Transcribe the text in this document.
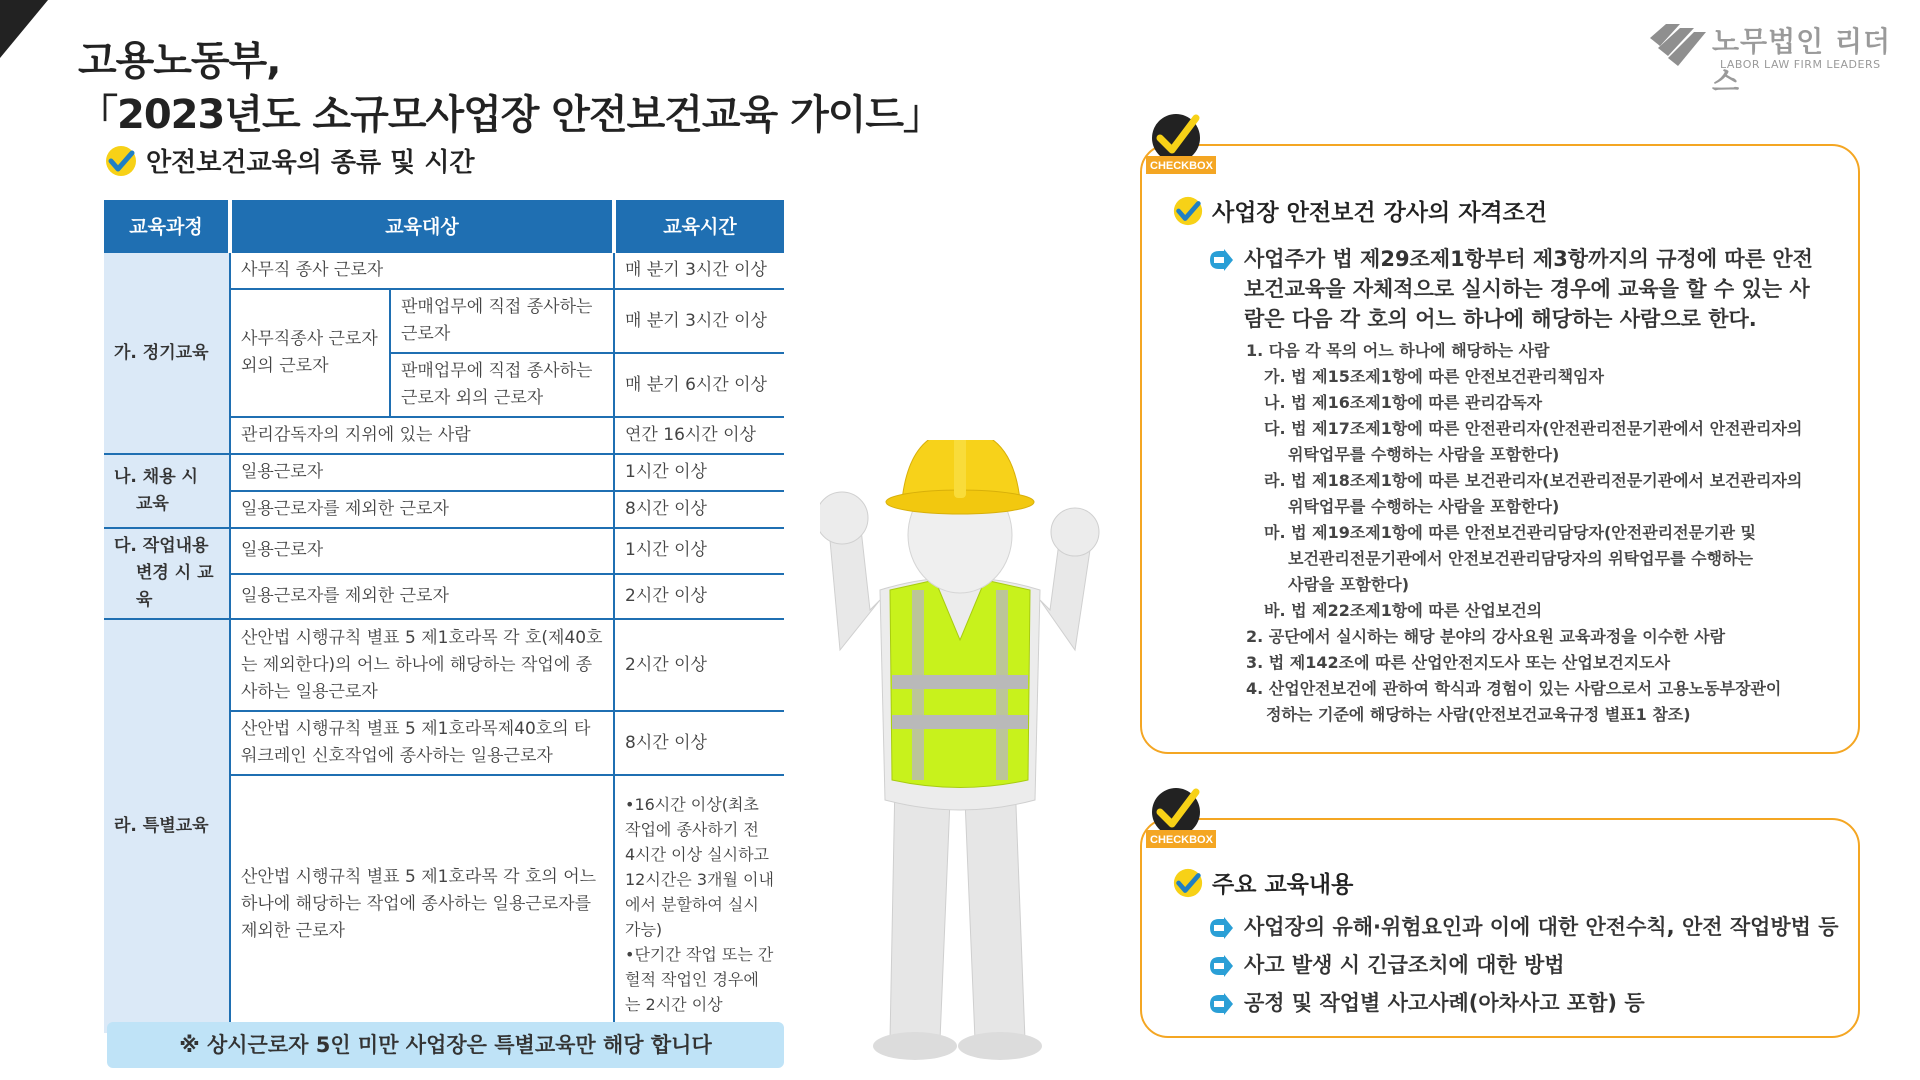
고용노동부,
「2023년도 소규모사업장 안전보건교육 가이드」
노무법인 리더스
LABOR LAW FIRM LEADERS
안전보건교육의 종류 및 시간
교육과정	교육대상		교육시간
가. 정기교육	사무직 종사 근로자		매 분기 3시간 이상

	사무직종사 근로자
외의 근로자	판매업무에 직접 종사하는 근로자	매 분기 3시간 이상
		판매업무에 직접 종사하는 근로자 외의 근로자	매 분기 6시간 이상
	관리감독자의 지위에 있는 사람		연간 16시간 이상

나. 채용 시
교육	일용근로자		1시간 이상
	일용근로자를 제외한 근로자		8시간 이상

다. 작업내용
변경 시 교육	일용근로자		1시간 이상
	일용근로자를 제외한 근로자		2시간 이상
라. 특별교육	산안법 시행규칙 별표 5 제1호라목 각 호(제40호는 제외한다)의 어느 하나에 해당하는 작업에 종사하는 일용근로자		2시간 이상
	산안법 시행규칙 별표 5 제1호라목제40호의 타워크레인 신호작업에 종사하는 일용근로자		8시간 이상
	산안법 시행규칙 별표 5 제1호라목 각 호의 어느 하나에 해당하는 작업에 종사하는 일용근로자를 제외한 근로자		•16시간 이상(최초 작업에 종사하기 전 4시간 이상 실시하고 12시간은 3개월 이내에서 분할하여 실시가능)
•단기간 작업 또는 간헐적 작업인 경우에는 2시간 이상
※ 상시근로자 5인 미만 사업장은 특별교육만 해당 합니다
CHECKBOX
사업장 안전보건 강사의 자격조건
사업주가 법 제29조제1항부터 제3항까지의 규정에 따른 안전보건교육을 자체적으로 실시하는 경우에 교육을 할 수 있는 사람은 다음 각 호의 어느 하나에 해당하는 사람으로 한다.
1. 다음 각 목의 어느 하나에 해당하는 사람
가. 법 제15조제1항에 따른 안전보건관리책임자
나. 법 제16조제1항에 따른 관리감독자
다. 법 제17조제1항에 따른 안전관리자(안전관리전문기관에서 안전관리자의
위탁업무를 수행하는 사람을 포함한다)
라. 법 제18조제1항에 따른 보건관리자(보건관리전문기관에서 보건관리자의
위탁업무를 수행하는 사람을 포함한다)
마. 법 제19조제1항에 따른 안전보건관리담당자(안전관리전문기관 및
보건관리전문기관에서 안전보건관리담당자의 위탁업무를 수행하는
사람을 포함한다)
바. 법 제22조제1항에 따른 산업보건의
2. 공단에서 실시하는 해당 분야의 강사요원 교육과정을 이수한 사람
3. 법 제142조에 따른 산업안전지도사 또는 산업보건지도사
4. 산업안전보건에 관하여 학식과 경험이 있는 사람으로서 고용노동부장관이
정하는 기준에 해당하는 사람(안전보건교육규정 별표1 참조)
CHECKBOX
주요 교육내용
사업장의 유해·위험요인과 이에 대한 안전수칙, 안전 작업방법 등
사고 발생 시 긴급조치에 대한 방법
공정 및 작업별 사고사례(아차사고 포함) 등
